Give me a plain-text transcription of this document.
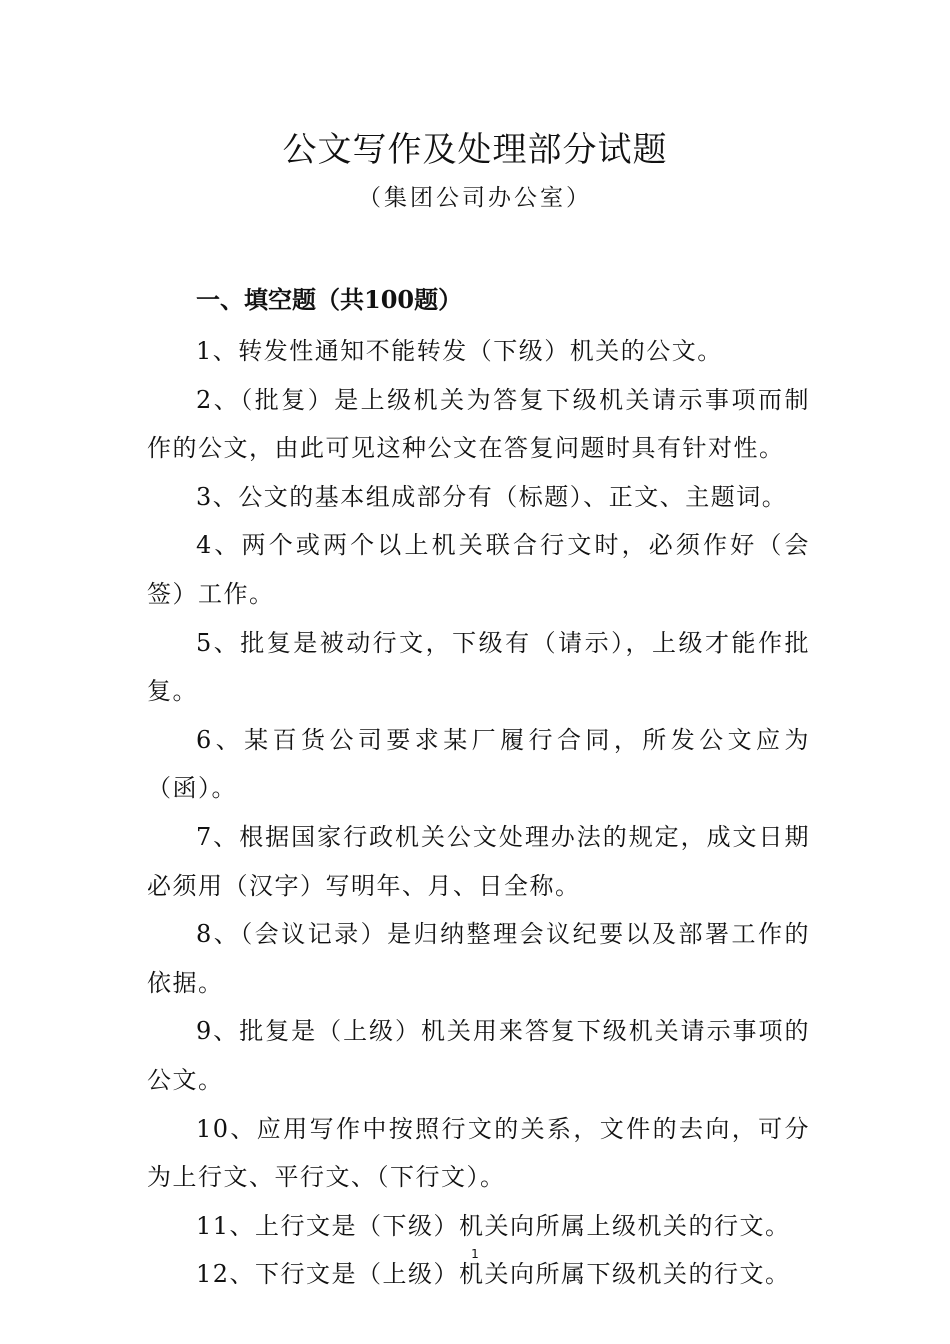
公文写作及处理部分试题

（集团公司办公室）

一、填空题（共100题）

1、转发性通知不能转发（下级）机关的公文。

2、（批复）是上级机关为答复下级机关请示事项而制作的公文，由此可见这种公文在答复问题时具有针对性。

3、公文的基本组成部分有（标题）、正文、主题词。

4、两个或两个以上机关联合行文时，必须作好（会签）工作。

5、批复是被动行文，下级有（请示），上级才能作批复。

6、某百货公司要求某厂履行合同，所发公文应为（函）。

7、根据国家行政机关公文处理办法的规定，成文日期必须用（汉字）写明年、月、日全称。

8、（会议记录）是归纳整理会议纪要以及部署工作的依据。

9、批复是（上级）机关用来答复下级机关请示事项的公文。

10、应用写作中按照行文的关系，文件的去向，可分为上行文、平行文、（下行文）。

11、上行文是（下级）机关向所属上级机关的行文。

12、下行文是（上级）机关向所属下级机关的行文。

1
